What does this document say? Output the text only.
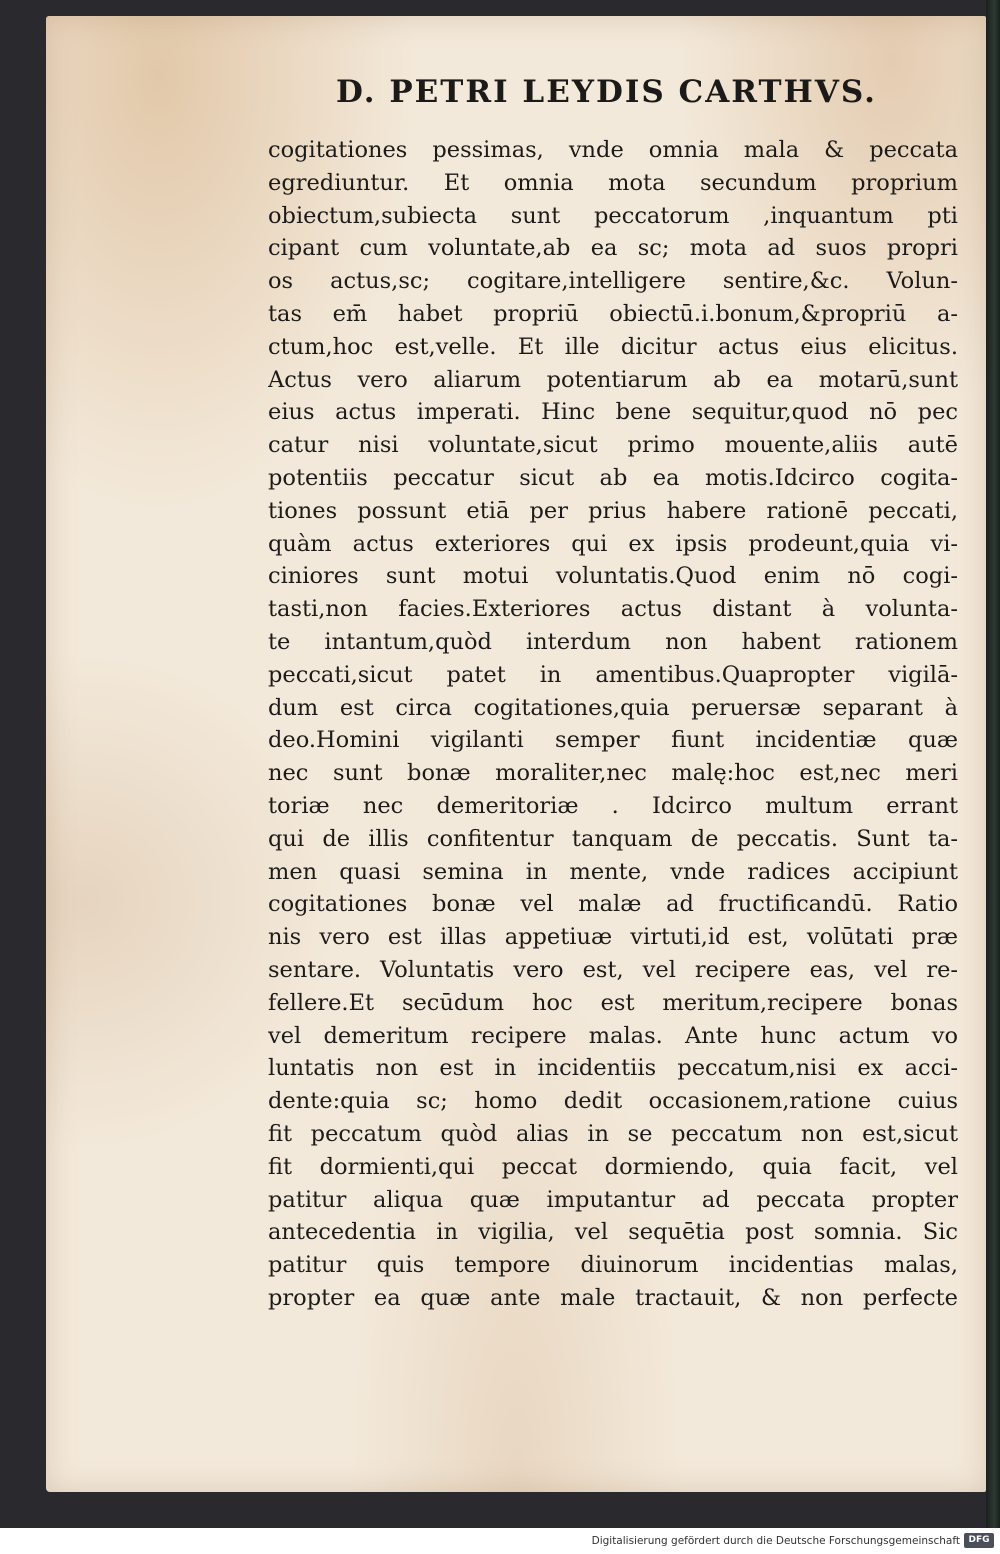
D. PETRI LEYDIS CARTHVS.
cogitationes pessimas, vnde omnia mala & peccata
egrediuntur. Et omnia mota secundum proprium
obiectum,subiecta sunt peccatorum ,inquantum pti
cipant cum voluntate,ab ea sc; mota ad suos propri
os actus,sc; cogitare,intelligere sentire,&c. Volun-
tas em̄ habet propriū obiectū.i.bonum,&propriū a-
ctum,hoc est,velle. Et ille dicitur actus eius elicitus.
Actus vero aliarum potentiarum ab ea motarū,sunt
eius actus imperati. Hinc bene sequitur,quod nō pec
catur nisi voluntate,sicut primo mouente,aliis autē
potentiis peccatur sicut ab ea motis.Idcirco cogita-
tiones possunt etiā per prius habere rationē peccati,
quàm actus exteriores qui ex ipsis prodeunt,quia vi-
ciniores sunt motui voluntatis.Quod enim nō cogi-
tasti,non facies.Exteriores actus distant à volunta-
te intantum,quòd interdum non habent rationem
peccati,sicut patet in amentibus.Quapropter vigilā-
dum est circa cogitationes,quia peruersæ separant à
deo.Homini vigilanti semper fiunt incidentiæ quæ
nec sunt bonæ moraliter,nec malę:hoc est,nec meri
toriæ nec demeritoriæ . Idcirco multum errant
qui de illis confitentur tanquam de peccatis. Sunt ta-
men quasi semina in mente, vnde radices accipiunt
cogitationes bonæ vel malæ ad fructificandū. Ratio
nis vero est illas appetiuæ virtuti,id est, volūtati præ
sentare. Voluntatis vero est, vel recipere eas, vel re-
fellere.Et secūdum hoc est meritum,recipere bonas
vel demeritum recipere malas. Ante hunc actum vo
luntatis non est in incidentiis peccatum,nisi ex acci-
dente:quia sc; homo dedit occasionem,ratione cuius
fit peccatum quòd alias in se peccatum non est,sicut
fit dormienti,qui peccat dormiendo, quia facit, vel
patitur aliqua quæ imputantur ad peccata propter
antecedentia in vigilia, vel sequētia post somnia. Sic
patitur quis tempore diuinorum incidentias malas,
propter ea quæ ante male tractauit, & non perfecte
Digitalisierung gefördert durch die Deutsche Forschungsgemeinschaft DFG
